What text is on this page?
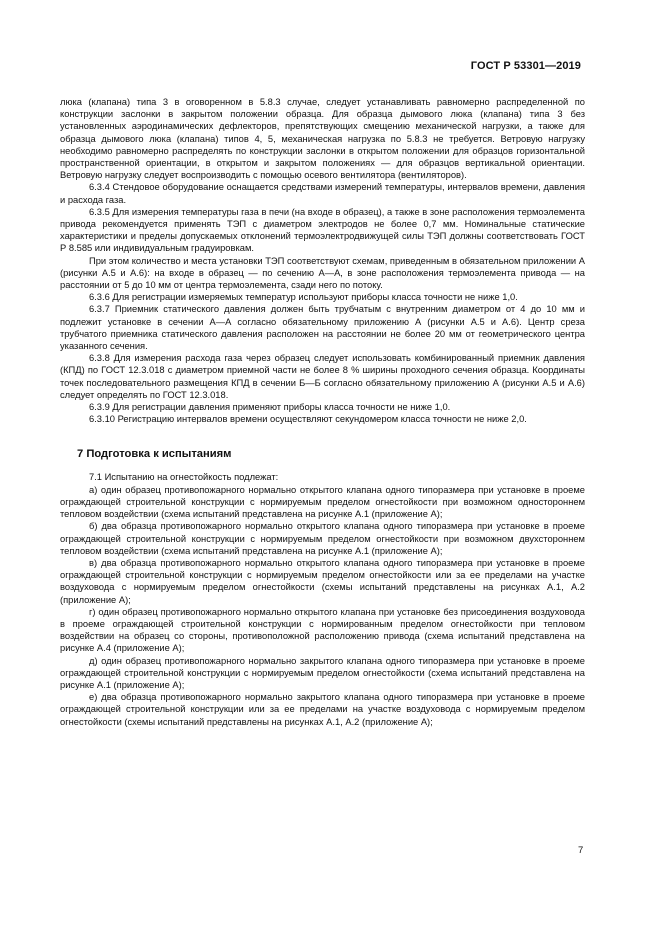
ГОСТ Р 53301—2019

люка (клапана) типа 3 в оговоренном в 5.8.3 случае, следует устанавливать равномерно распределенной по конструкции заслонки в закрытом положении образца. Для образца дымового люка (клапана) типа 3 без установленных аэродинамических дефлекторов, препятствующих смещению механической нагрузки, а также для образца дымового люка (клапана) типов 4, 5, механическая нагрузка по 5.8.3 не требуется. Ветровую нагрузку необходимо равномерно распределять по конструкции заслонки в открытом положении для образцов горизонтальной пространственной ориентации, в открытом и закрытом положениях — для образцов вертикальной ориентации. Ветровую нагрузку следует воспроизводить с помощью осевого вентилятора (вентиляторов).

6.3.4 Стендовое оборудование оснащается средствами измерений температуры, интервалов времени, давления и расхода газа.

6.3.5 Для измерения температуры газа в печи (на входе в образец), а также в зоне расположения термоэлемента привода рекомендуется применять ТЭП с диаметром электродов не более 0,7 мм. Номинальные статические характеристики и пределы допускаемых отклонений термоэлектродвижущей силы ТЭП должны соответствовать ГОСТ Р 8.585 или индивидуальным градуировкам.

При этом количество и места установки ТЭП соответствуют схемам, приведенным в обязательном приложении А (рисунки А.5 и А.6): на входе в образец — по сечению А—А, в зоне расположения термоэлемента привода — на расстоянии от 5 до 10 мм от центра термоэлемента, сзади него по потоку.

6.3.6 Для регистрации измеряемых температур используют приборы класса точности не ниже 1,0.

6.3.7 Приемник статического давления должен быть трубчатым с внутренним диаметром от 4 до 10 мм и подлежит установке в сечении А—А согласно обязательному приложению А (рисунки А.5 и А.6). Центр среза трубчатого приемника статического давления расположен на расстоянии не более 20 мм от геометрического центра указанного сечения.

6.3.8 Для измерения расхода газа через образец следует использовать комбинированный приемник давления (КПД) по ГОСТ 12.3.018 с диаметром приемной части не более 8 % ширины проходного сечения образца. Координаты точек последовательного размещения КПД в сечении Б—Б согласно обязательному приложению А (рисунки А.5 и А.6) следует определять по ГОСТ 12.3.018.

6.3.9 Для регистрации давления применяют приборы класса точности не ниже 1,0.

6.3.10 Регистрацию интервалов времени осуществляют секундомером класса точности не ниже 2,0.

7 Подготовка к испытаниям

7.1 Испытанию на огнестойкость подлежат:

а) один образец противопожарного нормально открытого клапана одного типоразмера при установке в проеме ограждающей строительной конструкции с нормируемым пределом огнестойкости при возможном одностороннем тепловом воздействии (схема испытаний представлена на рисунке А.1 (приложение А);

б) два образца противопожарного нормально открытого клапана одного типоразмера при установке в проеме ограждающей строительной конструкции с нормируемым пределом огнестойкости при возможном двухстороннем тепловом воздействии (схема испытаний представлена на рисунке А.1 (приложение А);

в) два образца противопожарного нормально открытого клапана одного типоразмера при установке в проеме ограждающей строительной конструкции с нормируемым пределом огнестойкости или за ее пределами на участке воздуховода с нормируемым пределом огнестойкости (схемы испытаний представлены на рисунках А.1, А.2 (приложение А);

г) один образец противопожарного нормально открытого клапана при установке без присоединения воздуховода в проеме ограждающей строительной конструкции с нормированным пределом огнестойкости при тепловом воздействии на образец со стороны, противоположной расположению привода (схема испытаний представлена на рисунке А.4 (приложение А);

д) один образец противопожарного нормально закрытого клапана одного типоразмера при установке в проеме ограждающей строительной конструкции с нормируемым пределом огнестойкости (схема испытаний представлена на рисунке А.1 (приложение А);

е) два образца противопожарного нормально закрытого клапана одного типоразмера при установке в проеме ограждающей строительной конструкции или за ее пределами на участке воздуховода с нормируемым пределом огнестойкости (схемы испытаний представлены на рисунках А.1, А.2 (приложение А);

7
